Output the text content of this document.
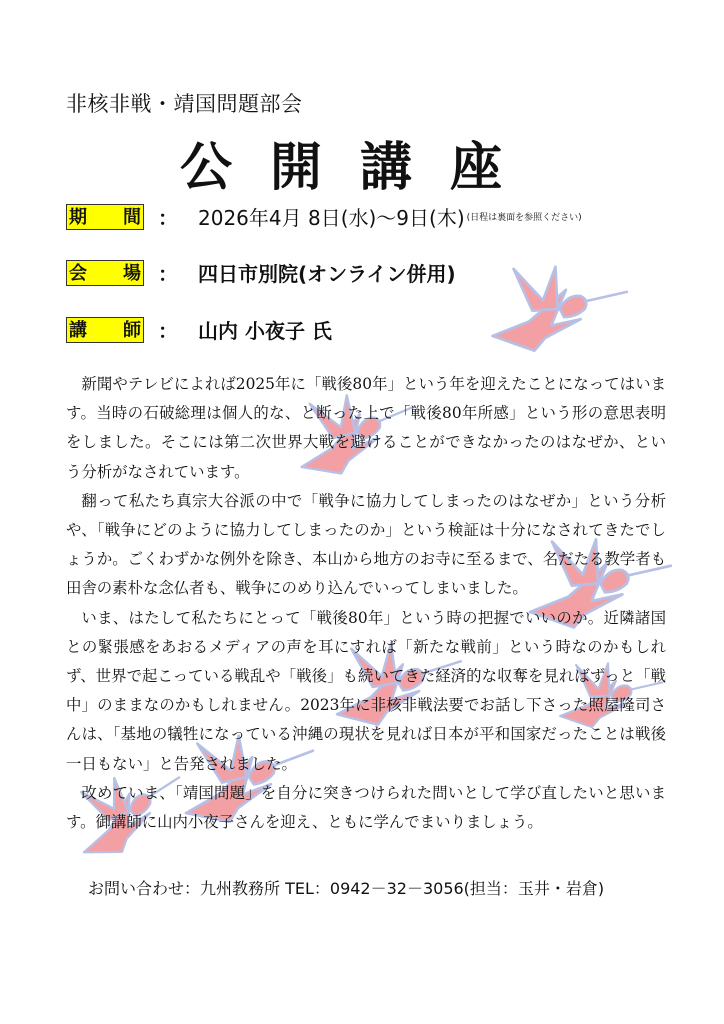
非核非戦・靖国問題部会
公開講座
期 間 ： 2026年4月 8日(水)～9日(木) (日程は裏面を参照ください)
会 場 ： 四日市別院(オンライン併用)
講 師 ： 山内 小夜子 氏

新聞やテレビによれば2025年に「戦後80年」という年を迎えたことになってはいます。当時の石破総理は個人的な、と断った上で「戦後80年所感」という形の意思表明をしました。そこには第二次世界大戦を避けることができなかったのはなぜか、という分析がなされています。

翻って私たち真宗大谷派の中で「戦争に協力してしまったのはなぜか」という分析や、「戦争にどのように協力してしまったのか」という検証は十分になされてきたでしょうか。ごくわずかな例外を除き、本山から地方のお寺に至るまで、名だたる教学者も田舎の素朴な念仏者も、戦争にのめり込んでいってしまいました。

いま、はたして私たちにとって「戦後80年」という時の把握でいいのか。近隣諸国との緊張感をあおるメディアの声を耳にすれば「新たな戦前」という時なのかもしれず、世界で起こっている戦乱や「戦後」も続いてきた経済的な収奪を見ればずっと「戦中」のままなのかもしれません。2023年に非核非戦法要でお話し下さった照屋隆司さんは、「基地の犠牲になっている沖縄の現状を見れば日本が平和国家だったことは戦後一日もない」と告発されました。

改めていま、「靖国問題」を自分に突きつけられた問いとして学び直したいと思います。御講師に山内小夜子さんを迎え、ともに学んでまいりましょう。

お問い合わせ：九州教務所 TEL：0942－32－3056(担当：玉井・岩倉)
